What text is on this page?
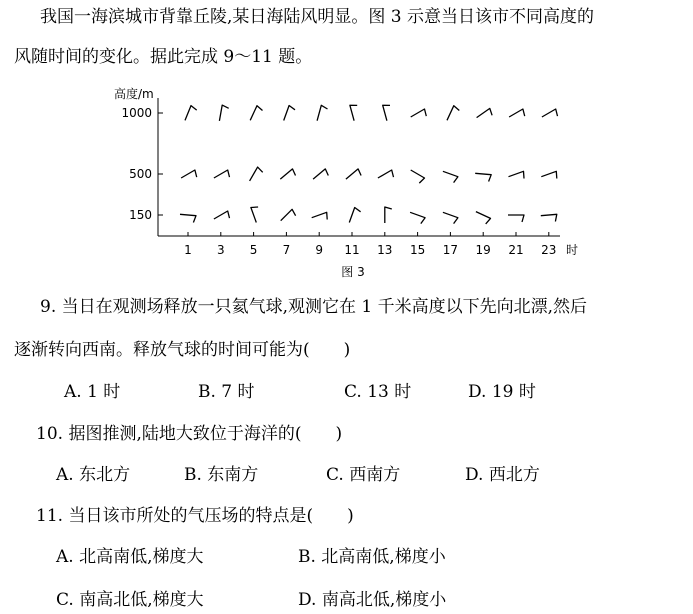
我国一海滨城市背靠丘陵,某日海陆风明显。图 3 示意当日该市不同高度的
风随时间的变化。据此完成 9～11 题。
高度/m
150
500
1000
1 3 5 7 9 11 13 15 17 19 21 23 时
图 3
9. 当日在观测场释放一只氦气球,观测它在 1 千米高度以下先向北漂,然后
逐渐转向西南。释放气球的时间可能为(　　)
A. 1 时	B. 7 时	C. 13 时	D. 19 时
10. 据图推测,陆地大致位于海洋的(　　)
A. 东北方	B. 东南方	C. 西南方	D. 西北方
11. 当日该市所处的气压场的特点是(　　)
A. 北高南低,梯度大	B. 北高南低,梯度小
C. 南高北低,梯度大	D. 南高北低,梯度小
